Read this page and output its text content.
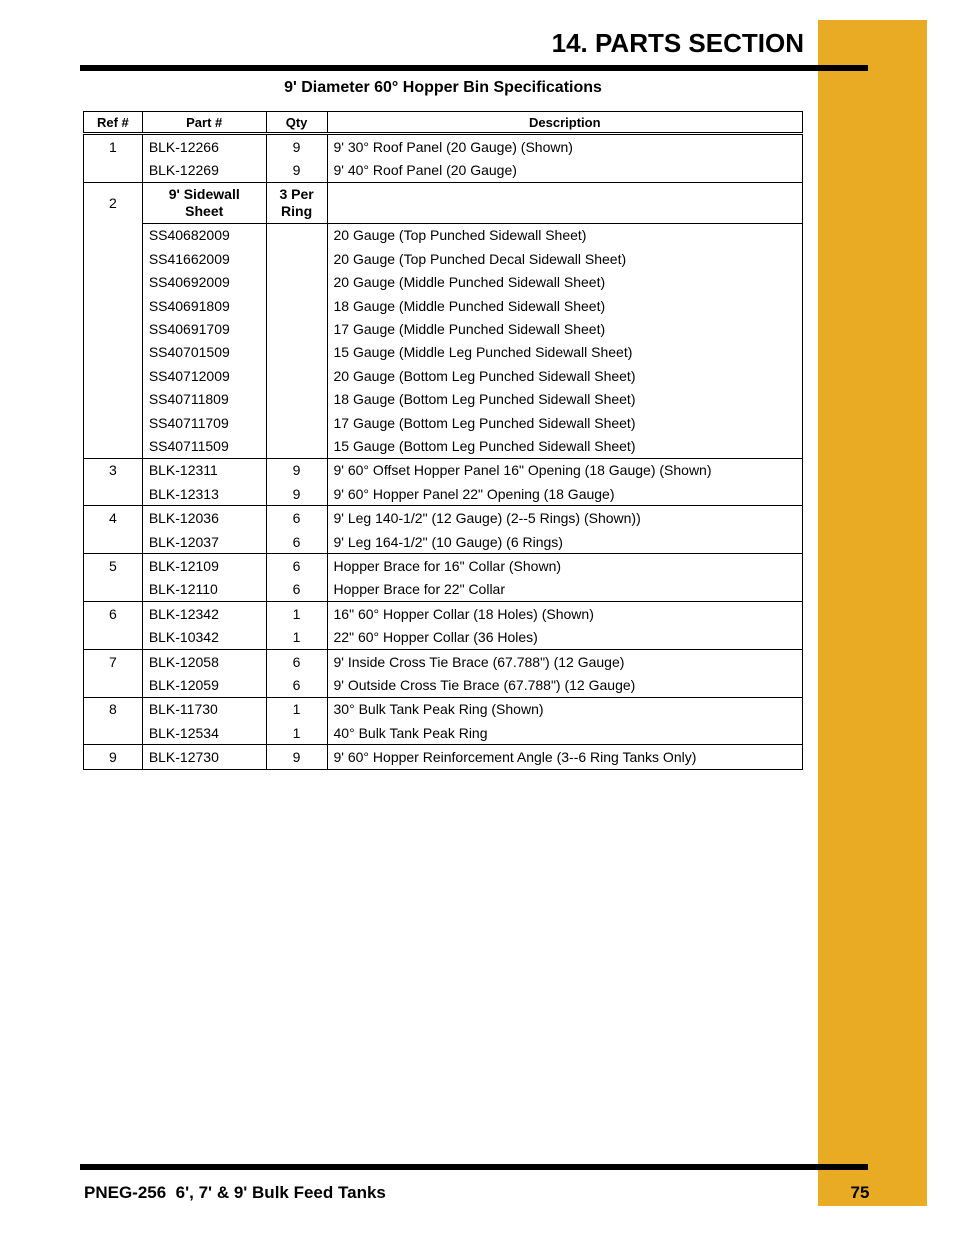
14. PARTS SECTION
9' Diameter 60° Hopper Bin Specifications
Ref #	Part #	Qty	Description
1	BLK-12266	9	9' 30° Roof Panel (20 Gauge) (Shown)
	BLK-12269	9	9' 40° Roof Panel (20 Gauge)
2	9' Sidewall Sheet	3 Per Ring	
	SS40682009		20 Gauge (Top Punched Sidewall Sheet)
	SS41662009		20 Gauge (Top Punched Decal Sidewall Sheet)
	SS40692009		20 Gauge (Middle Punched Sidewall Sheet)
	SS40691809		18 Gauge (Middle Punched Sidewall Sheet)
	SS40691709		17 Gauge (Middle Punched Sidewall Sheet)
	SS40701509		15 Gauge (Middle Leg Punched Sidewall Sheet)
	SS40712009		20 Gauge (Bottom Leg Punched Sidewall Sheet)
	SS40711809		18 Gauge (Bottom Leg Punched Sidewall Sheet)
	SS40711709		17 Gauge (Bottom Leg Punched Sidewall Sheet)
	SS40711509		15 Gauge (Bottom Leg Punched Sidewall Sheet)
3	BLK-12311	9	9' 60° Offset Hopper Panel 16" Opening (18 Gauge) (Shown)
	BLK-12313	9	9' 60° Hopper Panel 22" Opening (18 Gauge)
4	BLK-12036	6	9' Leg 140-1/2" (12 Gauge) (2--5 Rings) (Shown))
	BLK-12037	6	9' Leg 164-1/2" (10 Gauge) (6 Rings)
5	BLK-12109	6	Hopper Brace for 16" Collar (Shown)
	BLK-12110	6	Hopper Brace for 22" Collar
6	BLK-12342	1	16" 60° Hopper Collar (18 Holes) (Shown)
	BLK-10342	1	22" 60° Hopper Collar (36 Holes)
7	BLK-12058	6	9' Inside Cross Tie Brace (67.788") (12 Gauge)
	BLK-12059	6	9' Outside Cross Tie Brace (67.788") (12 Gauge)
8	BLK-11730	1	30° Bulk Tank Peak Ring (Shown)
	BLK-12534	1	40° Bulk Tank Peak Ring
9	BLK-12730	9	9' 60° Hopper Reinforcement Angle (3--6 Ring Tanks Only)
PNEG-256  6', 7' & 9' Bulk Feed Tanks	75
